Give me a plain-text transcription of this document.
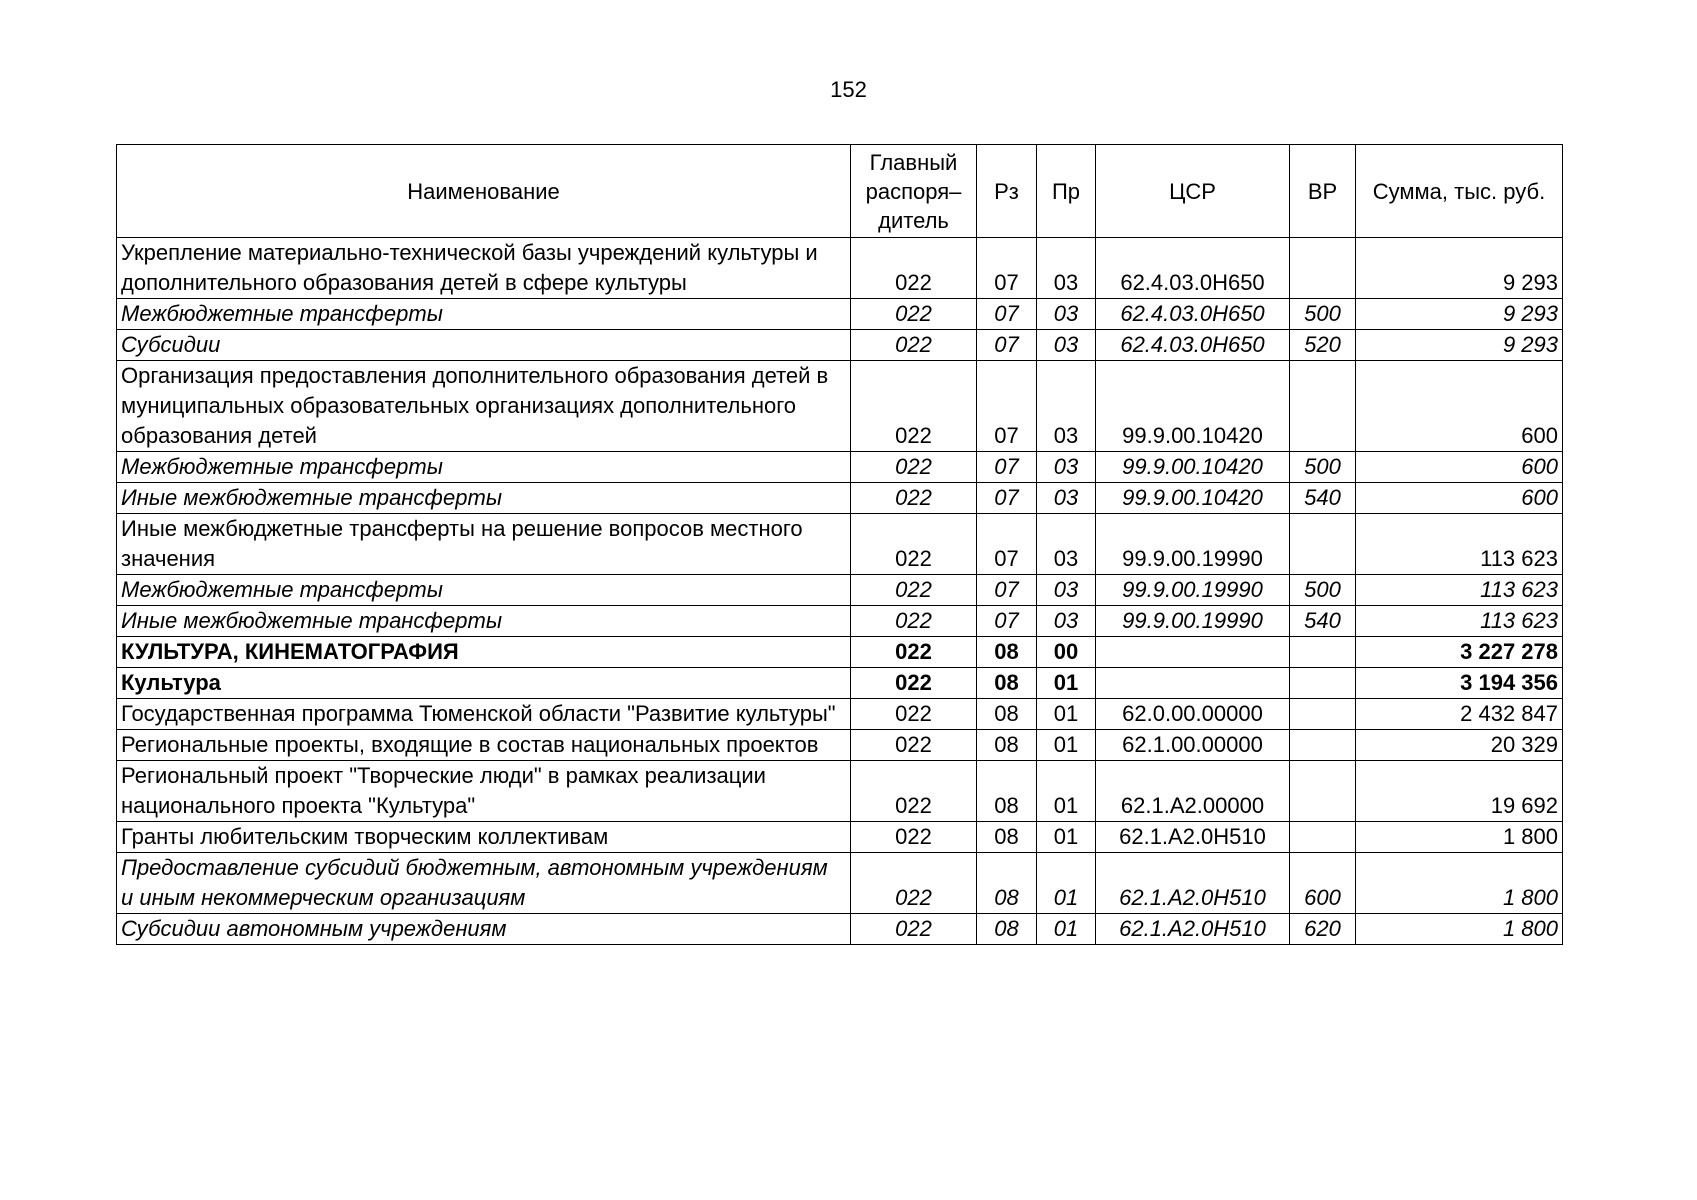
152
Наименование	Главный распоря– дитель	Рз	Пр	ЦСР	ВР	Сумма, тыс. руб.
Укрепление материально-технической базы учреждений культуры и дополнительного образования детей в сфере культуры	022	07	03	62.4.03.0Н650		9 293
Межбюджетные трансферты	022	07	03	62.4.03.0Н650	500	9 293
Субсидии	022	07	03	62.4.03.0Н650	520	9 293
Организация предоставления дополнительного образования детей в муниципальных образовательных организациях дополнительного образования детей	022	07	03	99.9.00.10420		600
Межбюджетные трансферты	022	07	03	99.9.00.10420	500	600
Иные межбюджетные трансферты	022	07	03	99.9.00.10420	540	600
Иные межбюджетные трансферты на решение вопросов местного значения	022	07	03	99.9.00.19990		113 623
Межбюджетные трансферты	022	07	03	99.9.00.19990	500	113 623
Иные межбюджетные трансферты	022	07	03	99.9.00.19990	540	113 623
КУЛЬТУРА, КИНЕМАТОГРАФИЯ	022	08	00			3 227 278
Культура	022	08	01			3 194 356
Государственная программа Тюменской области "Развитие культуры"	022	08	01	62.0.00.00000		2 432 847
Региональные проекты, входящие в состав национальных проектов	022	08	01	62.1.00.00000		20 329
Региональный проект "Творческие люди" в рамках реализации национального проекта "Культура"	022	08	01	62.1.А2.00000		19 692
Гранты любительским творческим коллективам	022	08	01	62.1.А2.0Н510		1 800
Предоставление субсидий бюджетным, автономным учреждениям и иным некоммерческим организациям	022	08	01	62.1.А2.0Н510	600	1 800
Субсидии автономным учреждениям	022	08	01	62.1.А2.0Н510	620	1 800
